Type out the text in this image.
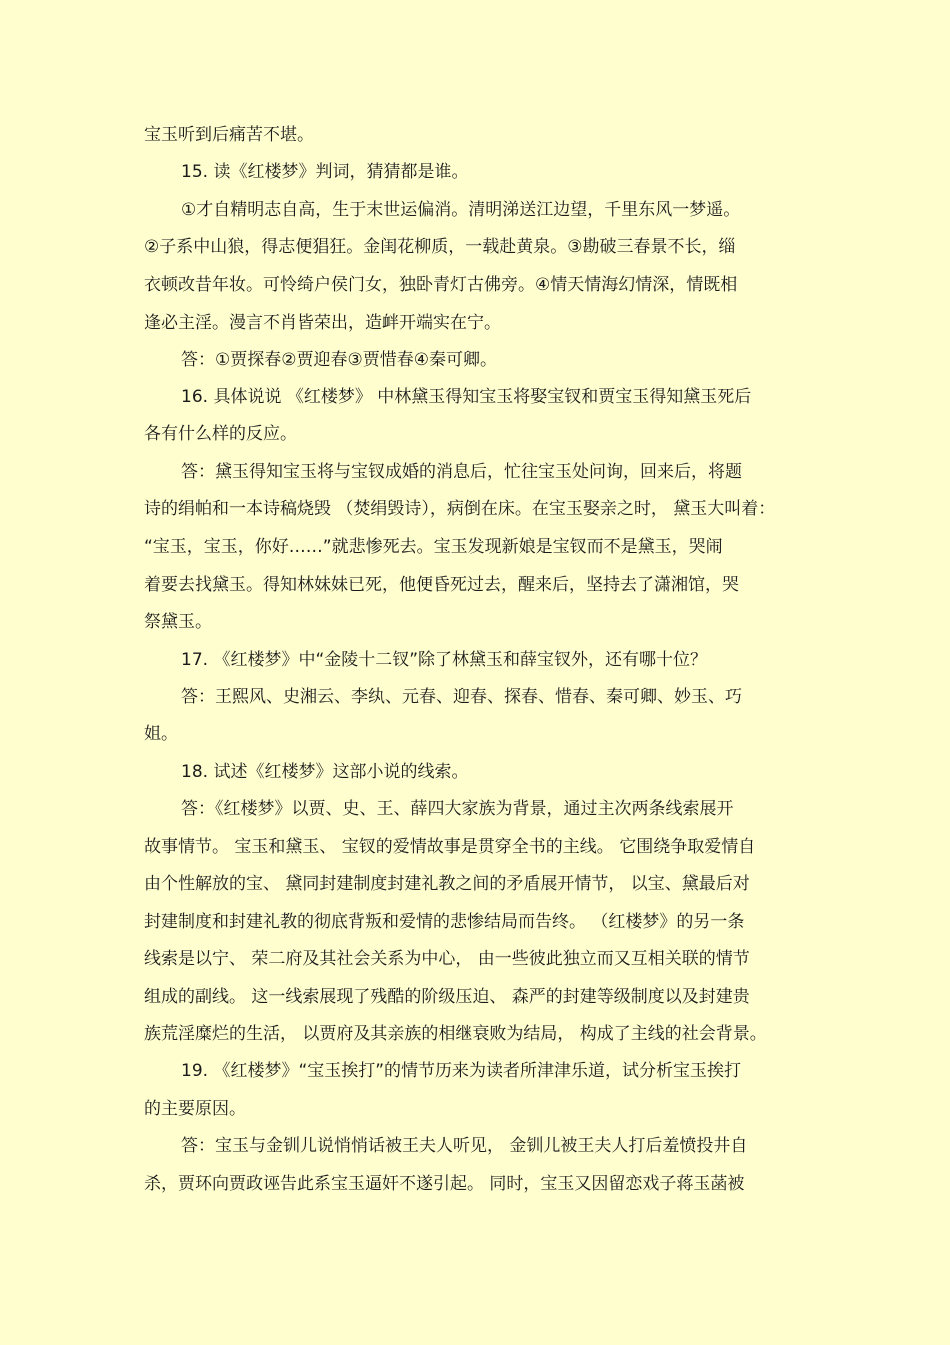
宝玉听到后痛苦不堪。
15. 读《红楼梦》判词，猜猜都是谁。
①才自精明志自高，生于末世运偏消。清明涕送江边望，千里东风一梦遥。
②子系中山狼，得志便猖狂。金闺花柳质，一载赴黄泉。③勘破三春景不长，缁
衣顿改昔年妆。可怜绮户侯门女，独卧青灯古佛旁。④情天情海幻情深，情既相
逢必主淫。漫言不肖皆荣出，造衅开端实在宁。
答：①贾探春②贾迎春③贾惜春④秦可卿。
16. 具体说说 《红楼梦》 中林黛玉得知宝玉将娶宝钗和贾宝玉得知黛玉死后
各有什么样的反应。
答：黛玉得知宝玉将与宝钗成婚的消息后，忙往宝玉处问询，回来后，将题
诗的绢帕和一本诗稿烧毁 （焚绢毁诗），病倒在床。在宝玉娶亲之时， 黛玉大叫着：
“宝玉，宝玉，你好……”就悲惨死去。宝玉发现新娘是宝钗而不是黛玉，哭闹
着要去找黛玉。得知林妹妹已死，他便昏死过去，醒来后，坚持去了潇湘馆，哭
祭黛玉。
17. 《红楼梦》中“金陵十二钗”除了林黛玉和薛宝钗外，还有哪十位？
答：王熙风、史湘云、李纨、元春、迎春、探春、惜春、秦可卿、妙玉、巧
姐。
18. 试述《红楼梦》这部小说的线索。
答：《红楼梦》以贾、史、王、薛四大家族为背景，通过主次两条线索展开
故事情节。 宝玉和黛玉、 宝钗的爱情故事是贯穿全书的主线。 它围绕争取爱情自
由个性解放的宝、 黛同封建制度封建礼教之间的矛盾展开情节， 以宝、黛最后对
封建制度和封建礼教的彻底背叛和爱情的悲惨结局而告终。 （红楼梦》的另一条
线索是以宁、 荣二府及其社会关系为中心， 由一些彼此独立而又互相关联的情节
组成的副线。 这一线索展现了残酷的阶级压迫、 森严的封建等级制度以及封建贵
族荒淫糜烂的生活， 以贾府及其亲族的相继衰败为结局， 构成了主线的社会背景。
19. 《红楼梦》“宝玉挨打”的情节历来为读者所津津乐道，试分析宝玉挨打
的主要原因。
答：宝玉与金钏儿说悄悄话被王夫人听见， 金钏儿被王夫人打后羞愤投井自
杀，贾环向贾政诬告此系宝玉逼奸不遂引起。 同时，宝玉又因留恋戏子蒋玉菡被
